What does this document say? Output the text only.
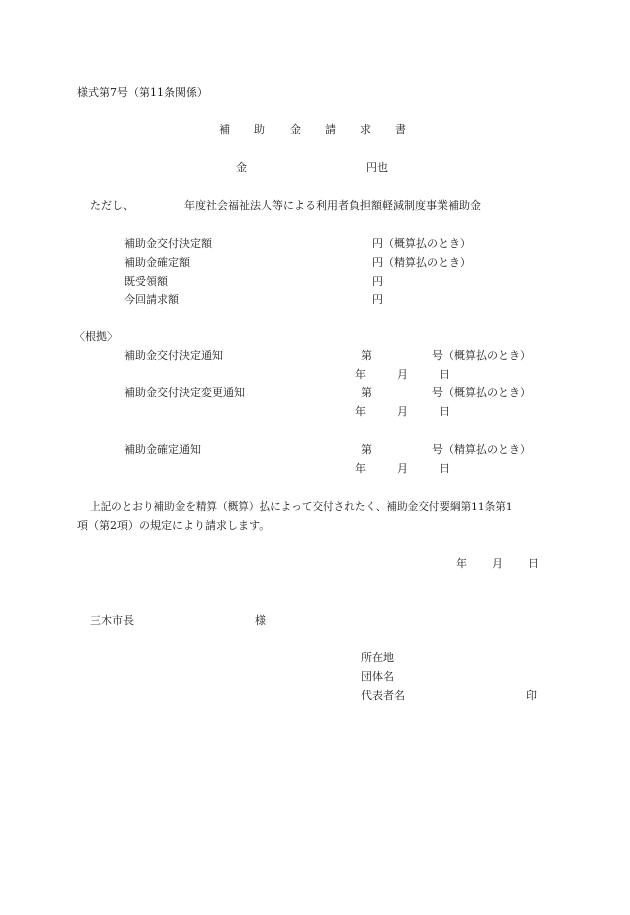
様式第7号（第11条関係）
補 助 金 請 求 書
金	円也
ただし、	年度社会福祉法人等による利用者負担額軽減制度事業補助金
補助金交付決定額	円（概算払のとき）
補助金確定額	円（精算払のとき）
既受領額	円
今回請求額	円
〈根拠〉
補助金交付決定通知	第	号（概算払のとき）
年	月	日
補助金交付決定変更通知	第	号（概算払のとき）
年	月	日
補助金確定通知	第	号（精算払のとき）
年	月	日
上記のとおり補助金を精算（概算）払によって交付されたく、補助金交付要綱第11条第1
項（第2項）の規定により請求します。
年 月 日
三木市長	様
所在地
団体名
代表者名	印
